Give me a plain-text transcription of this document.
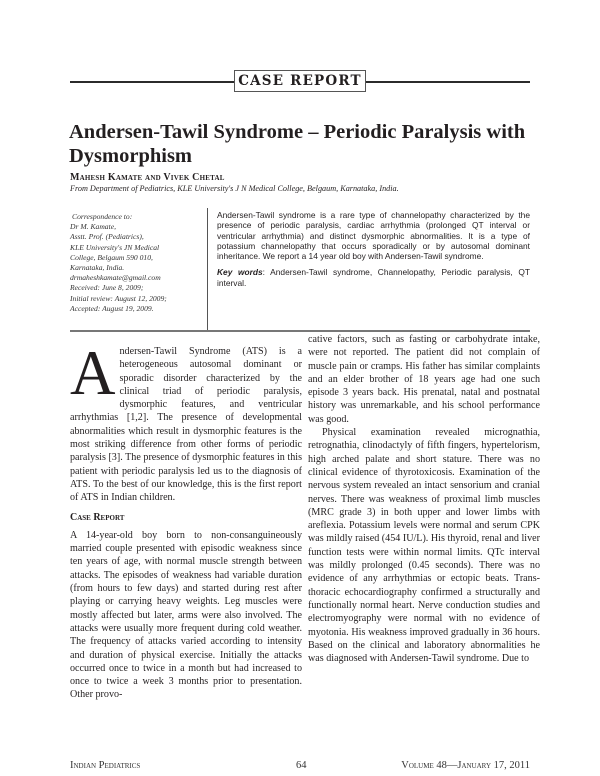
CASE REPORT
Andersen-Tawil Syndrome – Periodic Paralysis with Dysmorphism
Mahesh Kamate and Vivek Chetal
From Department of Pediatrics, KLE University's J N Medical College, Belgaum, Karnataka, India.
Correspondence to:
Dr M. Kamate,
Asstt. Prof. (Pediatrics),
KLE University's JN Medical
College, Belgaum 590 010,
Karnataka, India.
drmaheshkamate@gmail.com
Received: June 8, 2009;
Initial review: August 12, 2009;
Accepted: August 19, 2009.

Andersen-Tawil syndrome is a rare type of channelopathy characterized by the presence of periodic paralysis, cardiac arrhythmia (prolonged QT interval or ventricular arrhythmia) and distinct dysmorphic abnormalities. It is a type of potassium channelopathy that occurs sporadically or by autosomal dominant inheritance. We report a 14 year old boy with Andersen-Tawil syndrome.

Key words: Andersen-Tawil syndrome, Channelopathy, Periodic paralysis, QT interval.

Andersen-Tawil Syndrome (ATS) is a heterogeneous autosomal dominant or sporadic disorder characterized by the clinical triad of periodic paralysis, dysmorphic features, and ventricular arrhythmias [1,2]. The presence of developmental abnormalities which result in dysmorphic features is the most striking difference from other forms of periodic paralysis [3]. The presence of dysmorphic features in this patient with periodic paralysis led us to the diagnosis of ATS. To the best of our knowledge, this is the first report of ATS in Indian children.

Case Report

A 14-year-old boy born to non-consanguineously married couple presented with episodic weakness since ten years of age, with normal muscle strength between attacks. The episodes of weakness had variable duration (from hours to few days) and started during rest after playing or carrying heavy weights. Leg muscles were mostly affected but later, arms were also involved. The attacks were usually more frequent during cold weather. The frequency of attacks varied according to intensity and duration of physical exercise. Initially the attacks occurred once to twice in a month but had increased to once to twice a week 3 months prior to presentation. Other provo-

cative factors, such as fasting or carbohydrate intake, were not reported. The patient did not complain of muscle pain or cramps. His father has similar complaints and an elder brother of 18 years age had one such episode 3 years back. His prenatal, natal and postnatal history was unremarkable, and his school performance was good.

Physical examination revealed micrognathia, retrognathia, clinodactyly of fifth fingers, hypertelorism, high arched palate and short stature. There was no clinical evidence of thyrotoxicosis. Examination of the nervous system revealed an intact sensorium and cranial nerves. There was weakness of proximal limb muscles (MRC grade 3) in both upper and lower limbs with areflexia. Potassium levels were normal and serum CPK was mildly raised (454 IU/L). His thyroid, renal and liver function tests were within normal limits. QTc interval was mildly prolonged (0.45 seconds). There was no evidence of any arrhythmias or ectopic beats. Trans-thoracic echocardiography confirmed a structurally and functionally normal heart. Nerve conduction studies and electromyography were normal with no evidence of myotonia. His weakness improved gradually in 36 hours. Based on the clinical and laboratory abnormalities he was diagnosed with Andersen-Tawil syndrome. Due to

Indian Pediatrics	64	Volume 48—January 17, 2011
